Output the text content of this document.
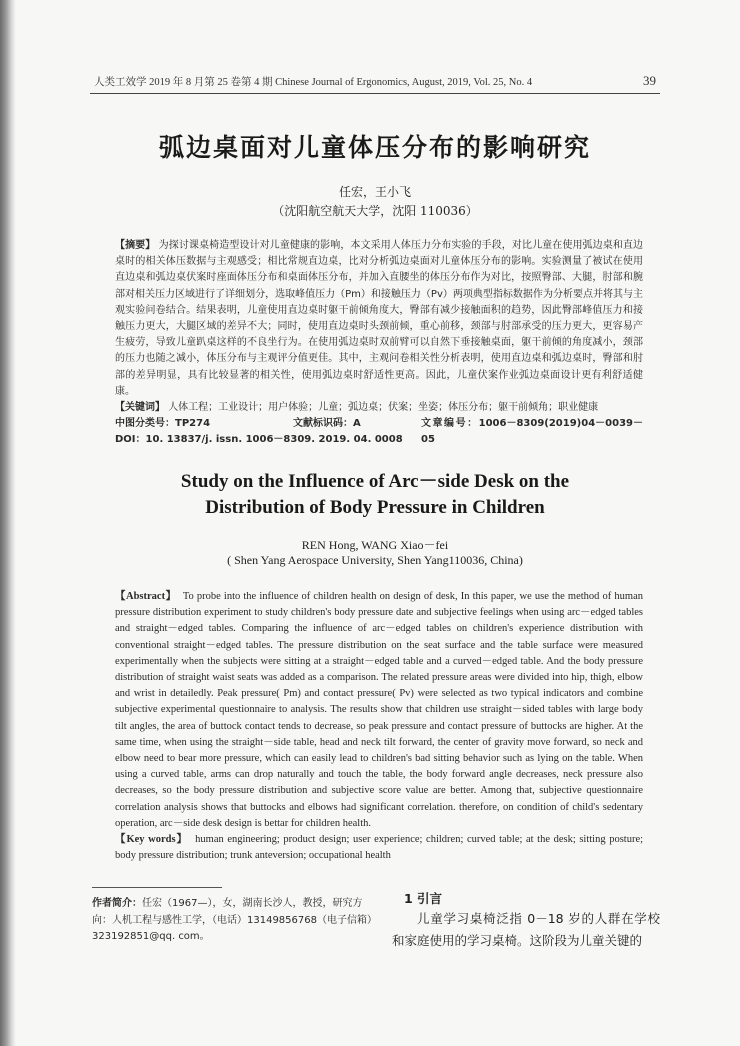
人类工效学 2019 年 8 月第 25 卷第 4 期 Chinese Journal of Ergonomics, August, 2019, Vol. 25, No. 4	39
弧边桌面对儿童体压分布的影响研究
任宏，王小飞
（沈阳航空航天大学，沈阳 110036）
【摘要】 为探讨课桌椅造型设计对儿童健康的影响，本文采用人体压力分布实验的手段，对比儿童在使用弧边桌和直边桌时的相关体压数据与主观感受；相比常规直边桌，比对分析弧边桌面对儿童体压分布的影响。实验测量了被试在使用直边桌和弧边桌伏案时座面体压分布和桌面体压分布，并加入直腰坐的体压分布作为对比，按照臀部、大腿，肘部和腕部对相关压力区域进行了详细划分，选取峰值压力（Pm）和接触压力（Pv）两项典型指标数据作为分析要点并将其与主观实验问卷结合。结果表明，儿童使用直边桌时躯干前倾角度大，臀部有减少接触面积的趋势，因此臀部峰值压力和接触压力更大，大腿区域的差异不大；同时，使用直边桌时头颈前倾，重心前移，颈部与肘部承受的压力更大，更容易产生疲劳，导致儿童趴桌这样的不良坐行为。在使用弧边桌时双前臂可以自然下垂接触桌面，躯干前倾的角度减小，颈部的压力也随之减小，体压分布与主观评分值更佳。其中，主观问卷相关性分析表明，使用直边桌和弧边桌时，臀部和肘部的差异明显，具有比较显著的相关性，使用弧边桌时舒适性更高。因此，儿童伏案作业弧边桌面设计更有利舒适健康。
【关键词】 人体工程；工业设计；用户体验；儿童；弧边桌；伏案；坐姿；体压分布；躯干前倾角；职业健康
中图分类号：TP274	文献标识码：A	文章编号：1006－8309(2019)04－0039－05
DOI：10. 13837/j. issn. 1006－8309. 2019. 04. 0008
Study on the Influence of Arc－side Desk on the
Distribution of Body Pressure in Children
REN Hong, WANG Xiao－fei
( Shen Yang Aerospace University, Shen Yang110036, China)
【Abstract】 To probe into the influence of children health on design of desk, In this paper, we use the method of human pressure distribution experiment to study children's body pressure date and subjective feelings when using arc－edged tables and straight－edged tables. Comparing the influence of arc－edged tables on children's experience distribution with conventional straight－edged tables. The pressure distribution on the seat surface and the table surface were measured experimentally when the subjects were sitting at a straight－edged table and a curved－edged table. And the body pressure distribution of straight waist seats was added as a comparison. The related pressure areas were divided into hip, thigh, elbow and wrist in detailedly. Peak pressure( Pm) and contact pressure( Pv) were selected as two typical indicators and combine subjective experimental questionnaire to analysis. The results show that children use straight－sided tables with large body tilt angles, the area of buttock contact tends to decrease, so peak pressure and contact pressure of buttocks are higher. At the same time, when using the straight－side table, head and neck tilt forward, the center of gravity move forward, so neck and elbow need to bear more pressure, which can easily lead to children's bad sitting behavior such as lying on the table. When using a curved table, arms can drop naturally and touch the table, the body forward angle decreases, neck pressure also decreases, so the body pressure distribution and subjective score value are better. Among that, subjective questionnaire correlation analysis shows that buttocks and elbows had significant correlation. therefore, on condition of child's sedentary operation, arc－side desk design is bettar for children health.
【Key words】 human engineering; product design; user experience; children; curved table; at the desk; sitting posture; body pressure distribution; trunk anteversion; occupational health
作者简介：任宏（1967—），女，湖南长沙人，教授，研究方向：人机工程与感性工学，（电话）13149856768（电子信箱）323192851@qq. com。
1 引言
儿童学习桌椅泛指 0－18 岁的人群在学校和家庭使用的学习桌椅。这阶段为儿童关键的
